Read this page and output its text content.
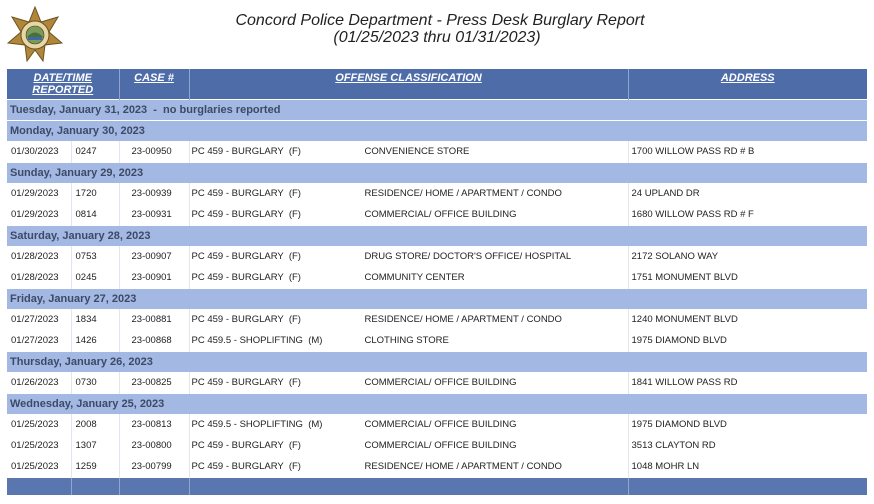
Concord Police Department - Press Desk Burglary Report
(01/25/2023 thru 01/31/2023)
DATE/TIME
REPORTED		CASE #	OFFENSE CLASSIFICATION	ADDRESS
Tuesday, January 31, 2023  -  no burglaries reported				
Monday, January 30, 2023				
01/30/2023	0247	23-00950	PC 459 - BURGLARY  (F) CONVENIENCE STORE	1700 WILLOW PASS RD # B
Sunday, January 29, 2023				
01/29/2023	1720	23-00939	PC 459 - BURGLARY  (F) RESIDENCE/ HOME / APARTMENT / CONDO	24 UPLAND DR
01/29/2023	0814	23-00931	PC 459 - BURGLARY  (F) COMMERCIAL/ OFFICE BUILDING	1680 WILLOW PASS RD # F
Saturday, January 28, 2023				
01/28/2023	0753	23-00907	PC 459 - BURGLARY  (F) DRUG STORE/ DOCTOR'S OFFICE/ HOSPITAL	2172 SOLANO WAY
01/28/2023	0245	23-00901	PC 459 - BURGLARY  (F) COMMUNITY CENTER	1751 MONUMENT BLVD
Friday, January 27, 2023				
01/27/2023	1834	23-00881	PC 459 - BURGLARY  (F) RESIDENCE/ HOME / APARTMENT / CONDO	1240 MONUMENT BLVD
01/27/2023	1426	23-00868	PC 459.5 - SHOPLIFTING  (M) CLOTHING STORE	1975 DIAMOND BLVD
Thursday, January 26, 2023				
01/26/2023	0730	23-00825	PC 459 - BURGLARY  (F) COMMERCIAL/ OFFICE BUILDING	1841 WILLOW PASS RD
Wednesday, January 25, 2023				
01/25/2023	2008	23-00813	PC 459.5 - SHOPLIFTING  (M) COMMERCIAL/ OFFICE BUILDING	1975 DIAMOND BLVD
01/25/2023	1307	23-00800	PC 459 - BURGLARY  (F) COMMERCIAL/ OFFICE BUILDING	3513 CLAYTON RD
01/25/2023	1259	23-00799	PC 459 - BURGLARY  (F) RESIDENCE/ HOME / APARTMENT / CONDO	1048 MOHR LN
